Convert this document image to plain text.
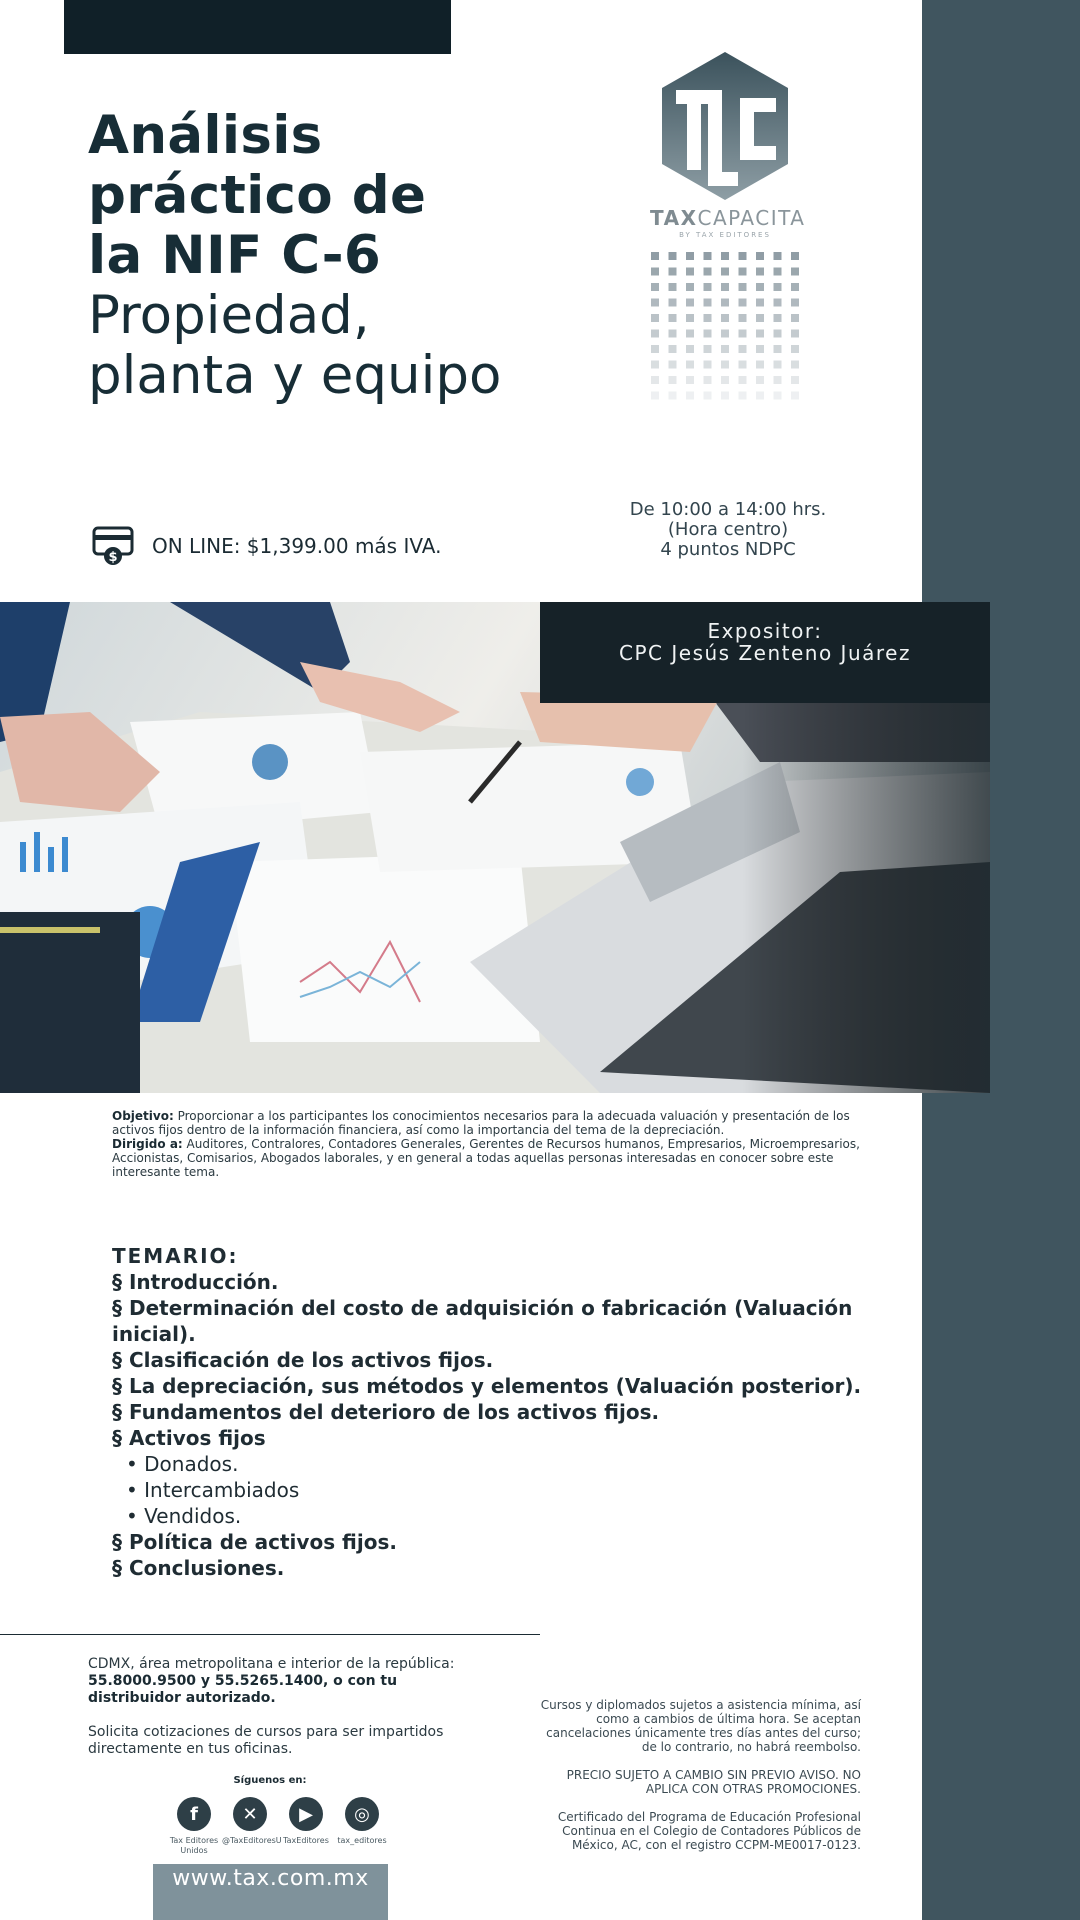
Análisis
práctico de
la NIF C-6
Propiedad,
planta y equipo
TAXCAPACITA
BY TAX EDITORES
$ ON LINE: $1,399.00 más IVA.
De 10:00 a 14:00 hrs.
(Hora centro)
4 puntos NDPC
Expositor:
CPC Jesús Zenteno Juárez
Objetivo: Proporcionar a los participantes los conocimientos necesarios para la adecuada valuación y presentación de los activos fijos dentro de la información financiera, así como la importancia del tema de la depreciación.
Dirigido a: Auditores, Contralores, Contadores Generales, Gerentes de Recursos humanos, Empresarios, Microempresarios, Accionistas, Comisarios, Abogados laborales, y en general a todas aquellas personas interesadas en conocer sobre este interesante tema.
TEMARIO:
§ Introducción.
§ Determinación del costo de adquisición o fabricación (Valuación inicial).
§ Clasificación de los activos fijos.
§ La depreciación, sus métodos y elementos (Valuación posterior).
§ Fundamentos del deterioro de los activos fijos.
§ Activos fijos
• Donados.
• Intercambiados
• Vendidos.
§ Política de activos fijos.
§ Conclusiones.
CDMX, área metropolitana e interior de la república:
55.8000.9500 y 55.5265.1400, o con tu distribuidor autorizado.
Solicita cotizaciones de cursos para ser impartidos directamente en tus oficinas.
Síguenos en:
f
Tax Editores Unidos
✕
@TaxEditoresU
▶
TaxEditores
◎
tax_editores
www.tax.com.mx

Cursos y diplomados sujetos a asistencia mínima, así como a cambios de última hora. Se aceptan cancelaciones únicamente tres días antes del curso; de lo contrario, no habrá reembolso.

PRECIO SUJETO A CAMBIO SIN PREVIO AVISO. NO APLICA CON OTRAS PROMOCIONES.

Certificado del Programa de Educación Profesional Continua en el Colegio de Contadores Públicos de México, AC, con el registro CCPM-ME0017-0123.
